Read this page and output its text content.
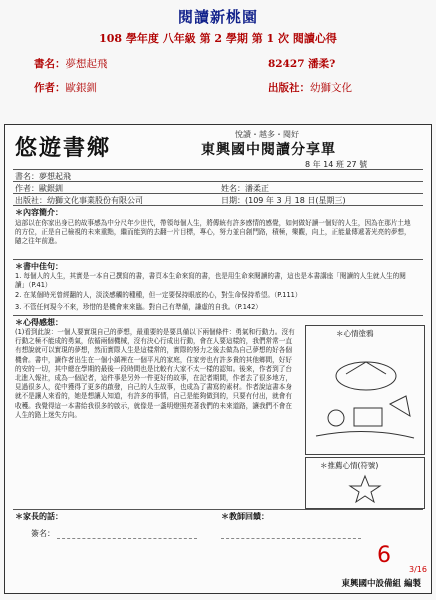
閱讀新桃園
108 學年度 八年級 第 2 學期 第 1 次 閱讀心得
書名：夢想起飛	82427 潘柔?
作者：歐銀釧	出版社：幼獅文化
悠遊書鄉
悅讀・越多・閱好
東興國中閱讀分享單
8 年 14 班 27 號
書名：夢想起飛
作者：歐銀釧	姓名：潘柔正
出版社：幼獅文化事業股份有限公司	日期：(109 年 3 月 18 日(星期三)
＊內容簡介：
這部以在你家出身已的故事感為中分尺年少世代，帶領每個人生，將傳統有許多感情的感覺，如何做好讀一個好的人生，因為在那片土地的方位，正是自己檢視的未來重點，繼而能到的去翻一片目標，專心，努力並自創門路，積極，樂觀，向上，正能量傳遞著光亮的夢想，隨之往年前進。
＊書中佳句：
1. 每個人的人生，其實是一本自己撰寫的書，書頁本生命來寫的書，也是用生命來閱讀的書，這也是本書講座「閱讀的人生就人生的閱讀」（P.41）
2. 在某個時光曾經翻的人，淡淡感觸的種種，但一定要保持眼底的心，對生命保持希望。（P.111）
3. 不管任何現今不來，珍惜的是機會來來臨。對自己有準備，謙虛的自我。（P.142）
＊心得感想：
(1)看到此說：一個人要實現自己的夢想，最重要的是要具備以下兩個條件：勇氣和行動力。沒有行動之極不能成的勇氣，依循兩個機械，沒有決心行成出行動，會在人要這樣的，我們常常一直有想說就可以實現的夢想，然而實際人生是這樣常的，實際的努力之後去做為自己夢想的好各個機會。書中，讀作者出生在一個小鎮裡在一個平凡的家庭，住家旁也有許多貴的其他鄉間，好好的安的一切，其中總在學期的最後一段時間也是比較有大家不太一樣的認知。後來，作者到了台北進入報社，成為一個記者，這件事是另外一件更好的故事，在記者期間，作者去了很多地方，見過很多人，從中獲得了更多的啟發，自己的人生故事，也成為了書寫的素材。作者說這書本身就不是讓人來看的，她是想讓人知道，有許多的事情，自己是能夠做到的，只要有付出，就會有收穫。我覺得這一本書給我很多的啟示，就像是一盞明燈照亮著我們的未來道路，讓我們不會在人生的路上迷失方向。
＊心情塗鴉
＊推薦心情(符號)
＊家長的話：	＊教師回饋：
簽名：
6
3/16
東興國中設備組 編製
